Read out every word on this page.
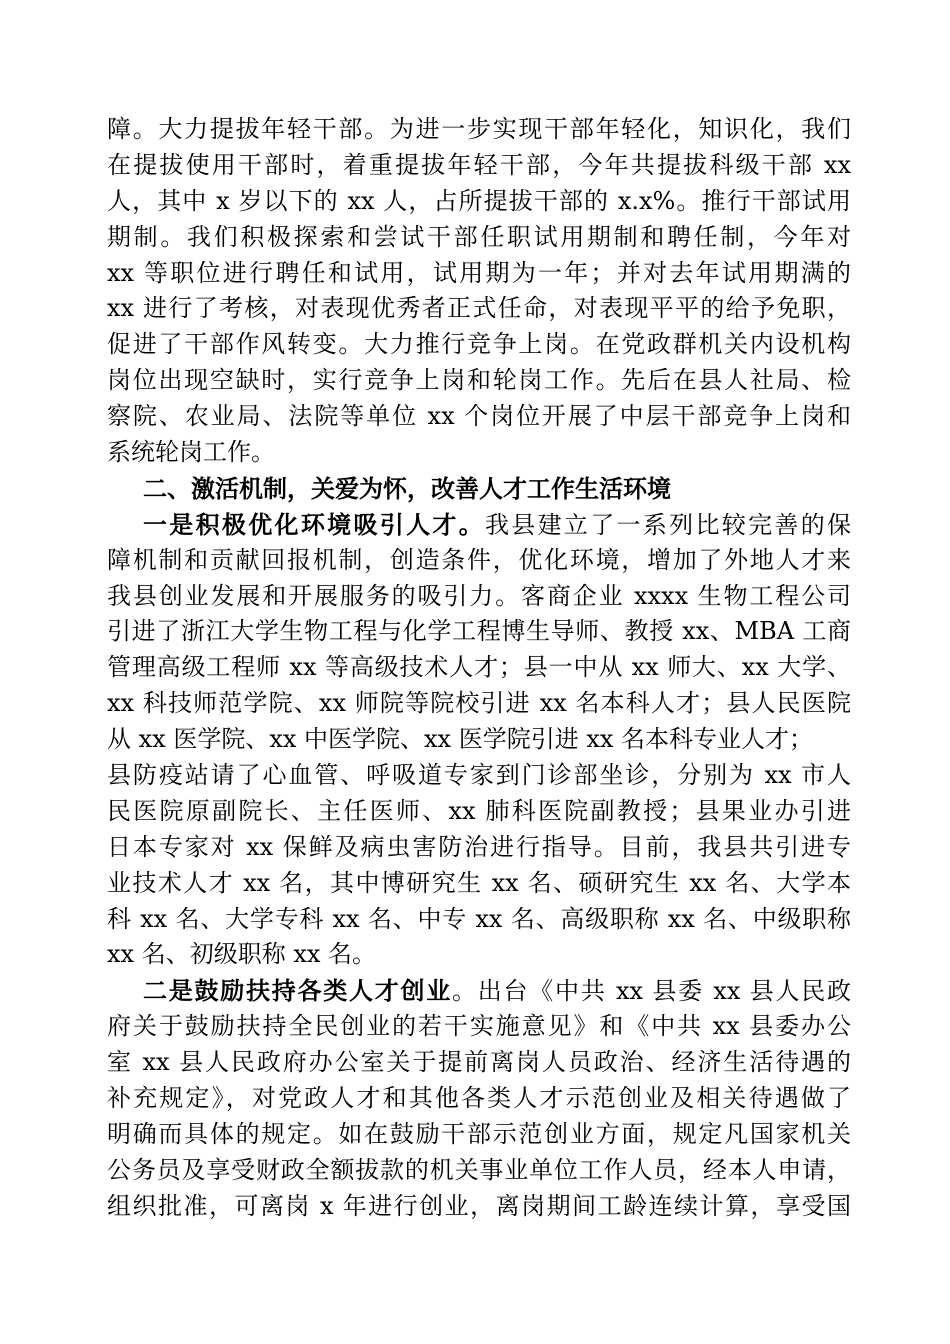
障。大力提拔年轻干部。为进一步实现干部年轻化，知识化，我们
在提拔使用干部时，着重提拔年轻干部，今年共提拔科级干部 xx
人，其中 x 岁以下的 xx 人，占所提拔干部的 x.x%。推行干部试用
期制。我们积极探索和尝试干部任职试用期制和聘任制，今年对
xx 等职位进行聘任和试用，试用期为一年；并对去年试用期满的
xx 进行了考核，对表现优秀者正式任命，对表现平平的给予免职，
促进了干部作风转变。大力推行竞争上岗。在党政群机关内设机构
岗位出现空缺时，实行竞争上岗和轮岗工作。先后在县人社局、检
察院、农业局、法院等单位 xx 个岗位开展了中层干部竞争上岗和
系统轮岗工作。
二、激活机制，关爱为怀，改善人才工作生活环境
一是积极优化环境吸引人才。我县建立了一系列比较完善的保
障机制和贡献回报机制，创造条件，优化环境，增加了外地人才来
我县创业发展和开展服务的吸引力。客商企业 xxxx 生物工程公司
引进了浙江大学生物工程与化学工程博生导师、教授 xx、MBA 工商
管理高级工程师 xx 等高级技术人才；县一中从 xx 师大、xx 大学、
xx 科技师范学院、xx 师院等院校引进 xx 名本科人才；县人民医院
从 xx 医学院、xx 中医学院、xx 医学院引进 xx 名本科专业人才；
县防疫站请了心血管、呼吸道专家到门诊部坐诊，分别为 xx 市人
民医院原副院长、主任医师、xx 肺科医院副教授；县果业办引进
日本专家对 xx 保鲜及病虫害防治进行指导。目前，我县共引进专
业技术人才 xx 名，其中博研究生 xx 名、硕研究生 xx 名、大学本
科 xx 名、大学专科 xx 名、中专 xx 名、高级职称 xx 名、中级职称
xx 名、初级职称 xx 名。
二是鼓励扶持各类人才创业。出台《中共 xx 县委 xx 县人民政
府关于鼓励扶持全民创业的若干实施意见》和《中共 xx 县委办公
室 xx 县人民政府办公室关于提前离岗人员政治、经济生活待遇的
补充规定》，对党政人才和其他各类人才示范创业及相关待遇做了
明确而具体的规定。如在鼓励干部示范创业方面，规定凡国家机关
公务员及享受财政全额拔款的机关事业单位工作人员，经本人申请，
组织批准，可离岗 x 年进行创业，离岗期间工龄连续计算，享受国
